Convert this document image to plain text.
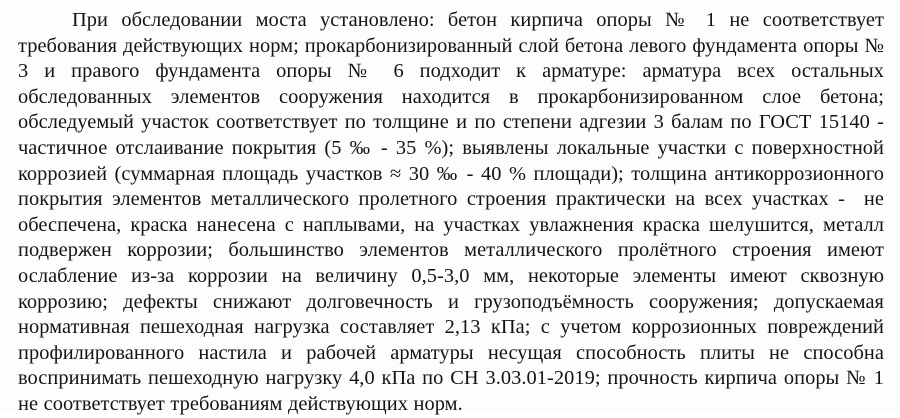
При обследовании моста установлено: бетон кирпича опоры № 1 не соответствует требования действующих норм; прокарбонизированный слой бетона левого фундамента опоры № 3 и правого фундамента опоры № 6 подходит к арматуре: арматура всех остальных обследованных элементов сооружения находится в прокарбонизированном слое бетона; обследуемый участок соответствует по толщине и по степени адгезии 3 балам по ГОСТ 15140 - частичное отслаивание покрытия (5 ‰ - 35 %); выявлены локальные участки с поверхностной коррозией (суммарная площадь участков ≈ 30 ‰ - 40 % площади); толщина антикоррозионного покрытия элементов металлического пролетного строения практически на всех участках -  не обеспечена, краска нанесена с наплывами, на участках увлажнения краска шелушится, металл подвержен коррозии; большинство элементов металлического пролётного строения имеют ослабление из-за коррозии на величину 0,5-3,0 мм, некоторые элементы имеют сквозную коррозию; дефекты снижают долговечность и грузоподъёмность сооружения; допускаемая нормативная пешеходная нагрузка составляет 2,13 кПа; с учетом коррозионных повреждений профилированного настила и рабочей арматуры несущая способность плиты не способна воспринимать пешеходную нагрузку 4,0 кПа по СН 3.03.01-2019; прочность кирпича опоры № 1 не соответствует требованиям действующих норм.
